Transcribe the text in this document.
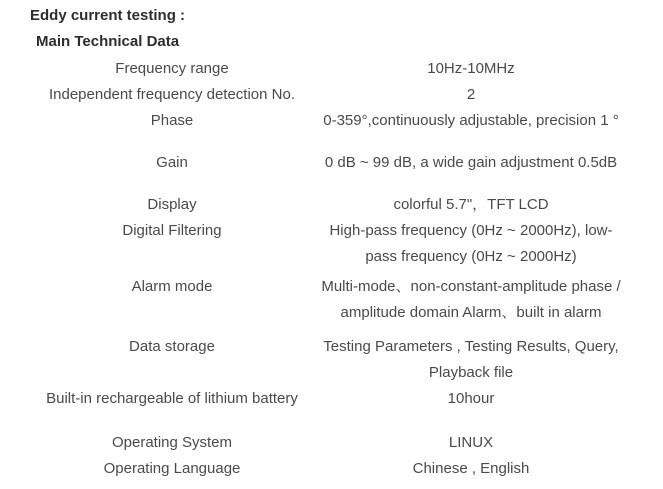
Eddy current testing :
Main Technical Data
Frequency range	10Hz-10MHz
Independent frequency detection No.	2
Phase	0-359°,continuously adjustable, precision 1 °
Gain	0 dB ~ 99 dB, a wide gain adjustment 0.5dB
Display	colorful 5.7"，TFT LCD
Digital Filtering	High-pass frequency (0Hz ~ 2000Hz), low-pass frequency (0Hz ~ 2000Hz)
Alarm mode	Multi-mode、non-constant-amplitude phase / amplitude domain Alarm、built in alarm
Data storage	Testing Parameters , Testing Results, Query, Playback file
Built-in rechargeable of lithium battery	10hour
Operating System	LINUX
Operating Language	Chinese , English
